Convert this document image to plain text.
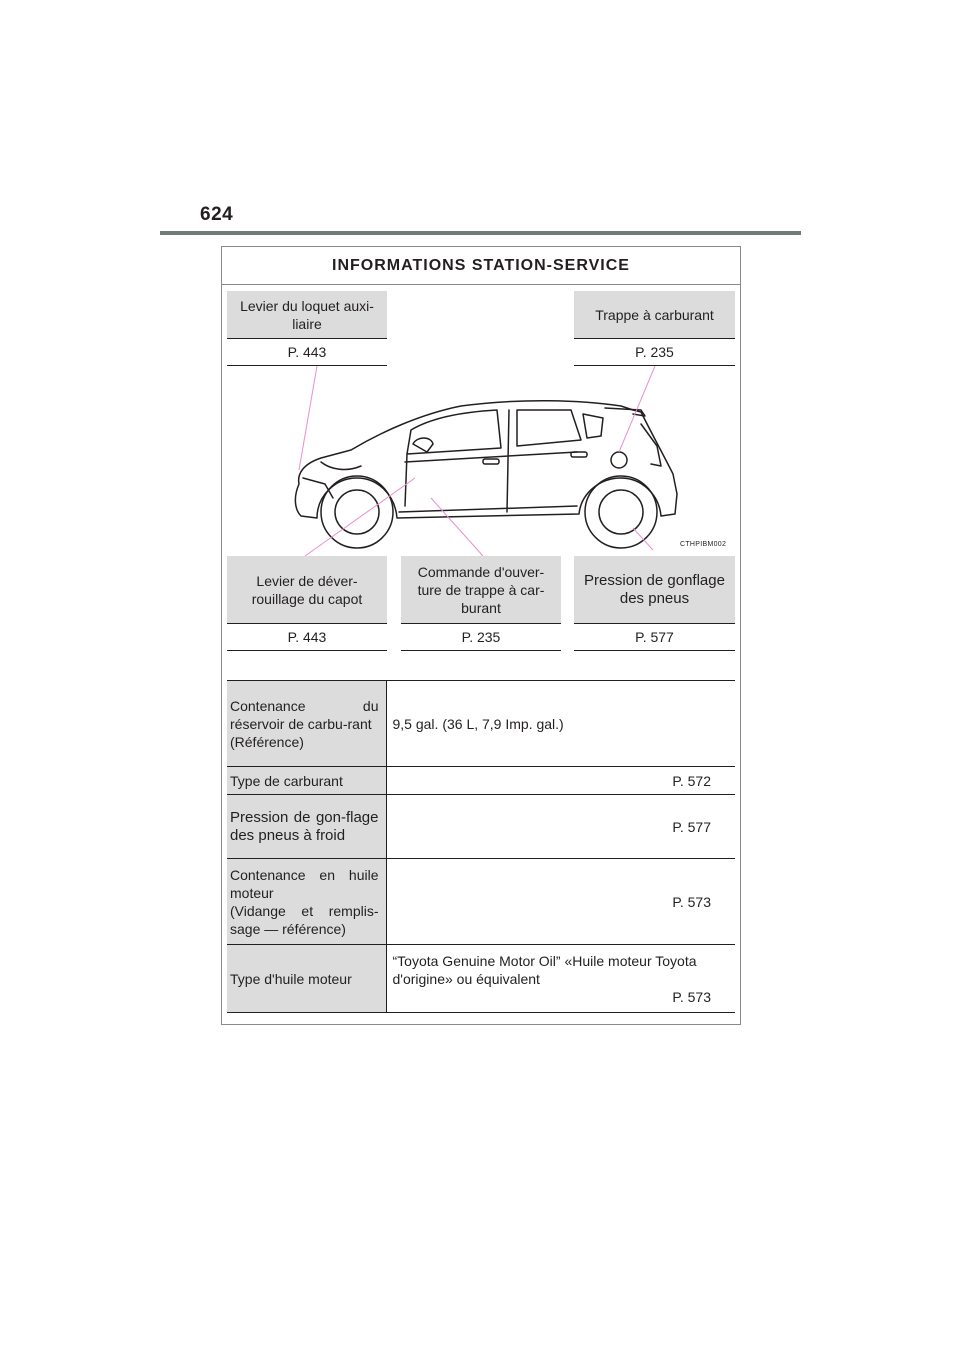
624
INFORMATIONS STATION-SERVICE
Levier du loquet auxi-
liaire
P. 443
Trappe à carburant
P. 235
CTHPIBM002
Levier de déver-
rouillage du capot
P. 443
Commande d'ouver-
ture de trappe à car-
burant
P. 235
Pression de gonflage
des pneus
P. 577
Contenance du réservoir de carbu-rant
(Référence)	9,5 gal. (36 L, 7,9 Imp. gal.)

Type de carburant	P. 572

Pression de gon-flage des pneus à froid	P. 577

Contenance en huile moteur
(Vidange et remplis-sage — référence)	P. 573

Type d'huile moteur	“Toyota Genuine Motor Oil” «Huile moteur Toyota d'origine» ou équivalent
P. 573
